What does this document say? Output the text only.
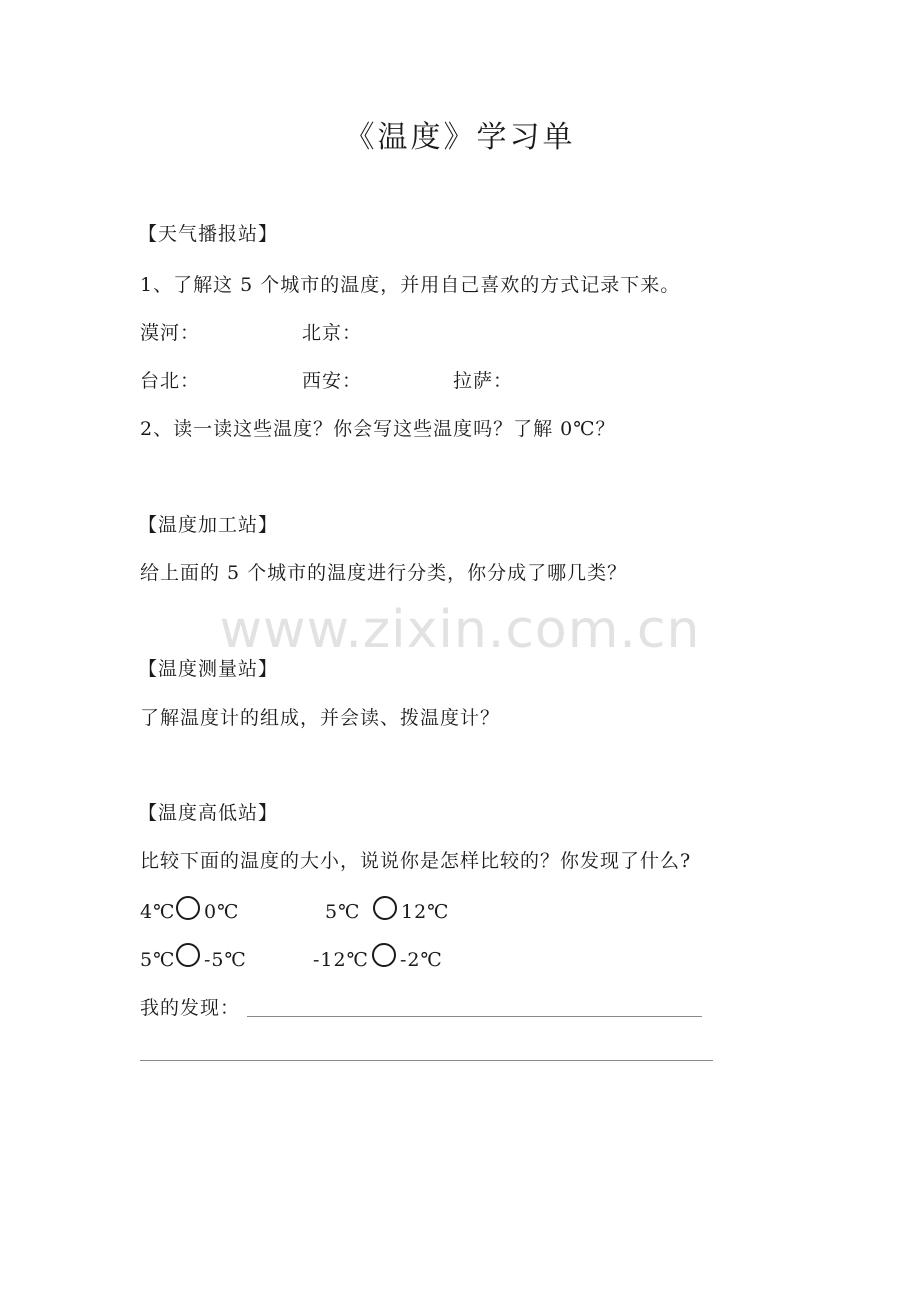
www.zixin.com.cn
《温度》学习单
【天气播报站】
1、了解这 5 个城市的温度，并用自己喜欢的方式记录下来。
漠河：	北京：
台北：	西安：	拉萨：
2、读一读这些温度？你会写这些温度吗？了解 0℃？
【温度加工站】
给上面的 5 个城市的温度进行分类，你分成了哪几类？
【温度测量站】
了解温度计的组成，并会读、拨温度计？
【温度高低站】
比较下面的温度的大小，说说你是怎样比较的？你发现了什么?
4℃ 0℃	5℃ 12℃
5℃ -5℃	-12℃ -2℃
我的发现：
